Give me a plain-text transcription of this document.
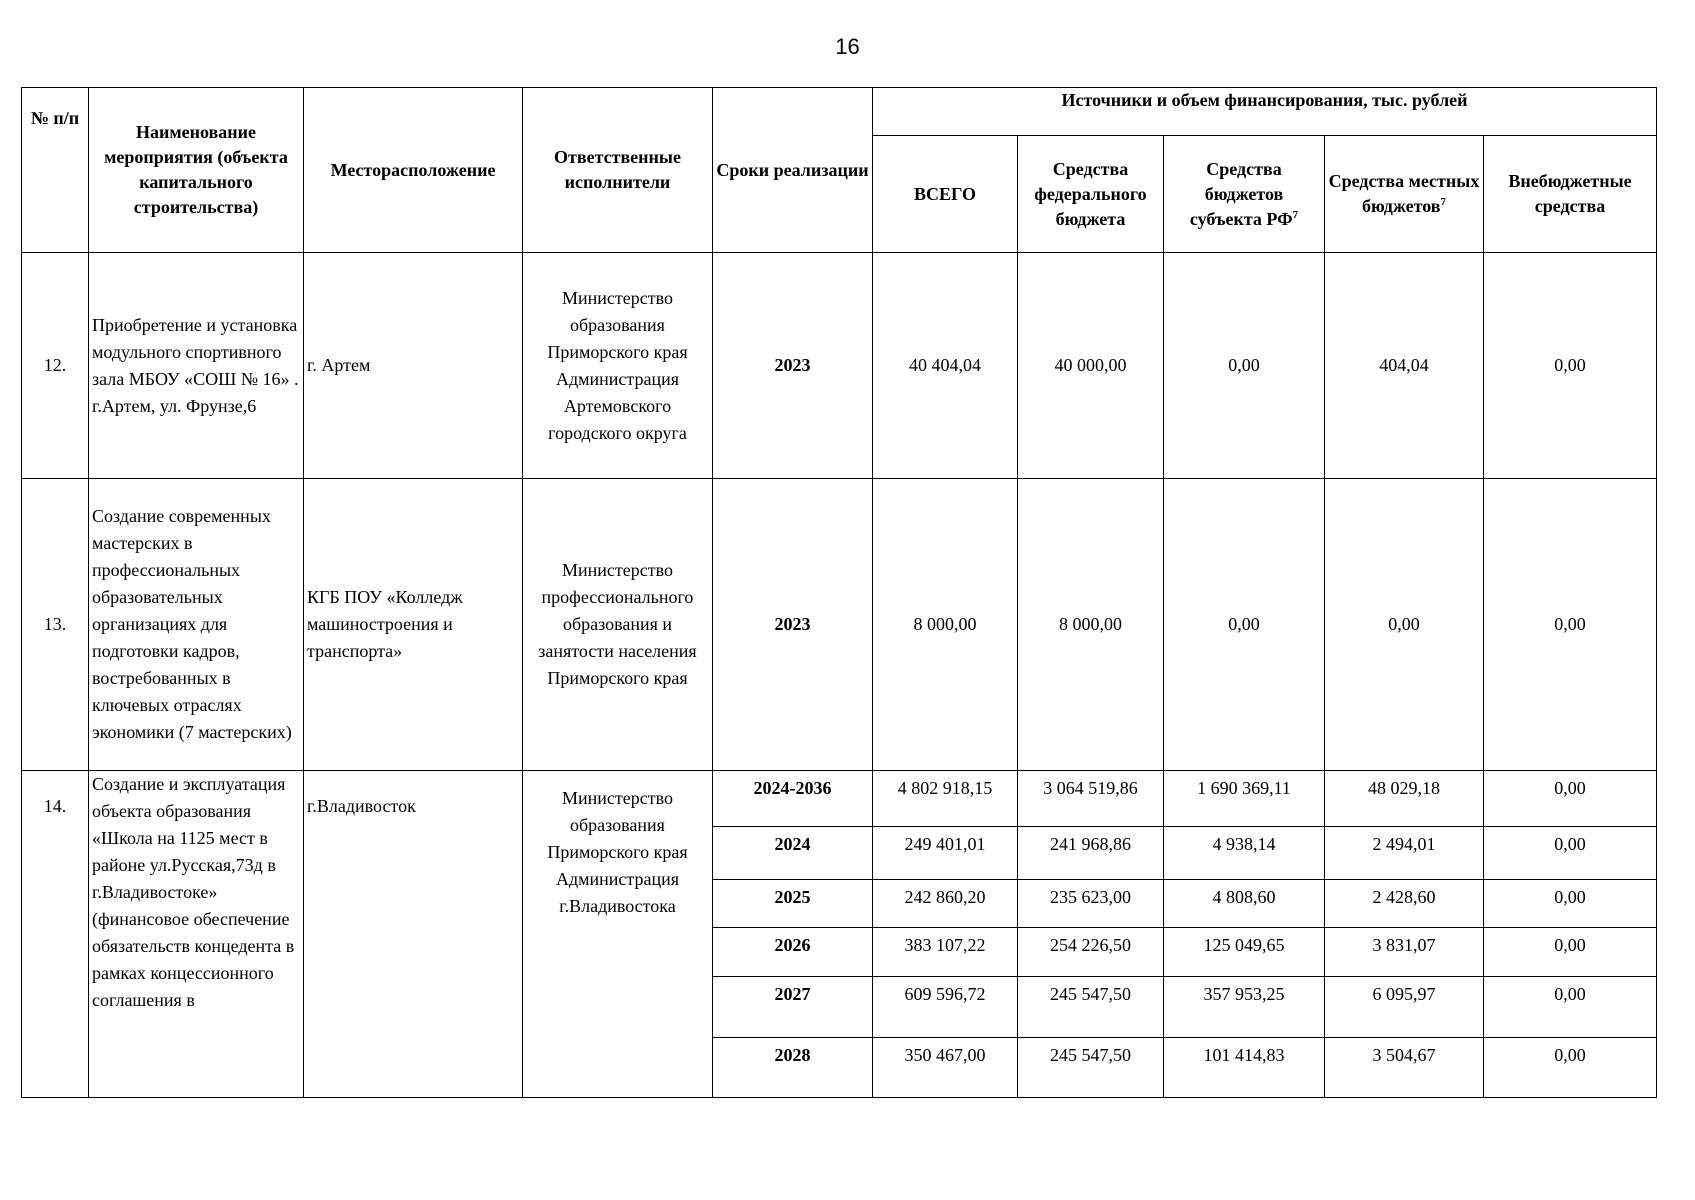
16
№ п/п	Наименование мероприятия (объекта капитального строительства)	Месторасположение	Ответственные исполнители	Сроки реализации	Источники и объем финансирования, тыс. рублей				
					ВСЕГО	Средства федерального бюджета	Средства бюджетов субъекта $РФ^7$	Средства местных бюджетов$^7$	Внебюджетные средства
12.	Приобретение и установка модульного спортивного зала МБОУ «СОШ № 16» . г.Артем, ул. Фрунзе,6	г. Артем	Министерство образования Приморского края Администрация Артемовского городского округа	2023	40 404,04	40 000,00	0,00	404,04	0,00
13.	Создание современных мастерских в профессиональных образовательных организациях для подготовки кадров, востребованных в ключевых отраслях экономики (7 мастерских)	КГБ ПОУ «Колледж машиностроения и транспорта»	Министерство профессионального образования и занятости населения Приморского края	2023	8 000,00	8 000,00	0,00	0,00	0,00
14.	Создание и эксплуатация объекта образования «Школа на 1125 мест в районе ул.Русская,73д в г.Владивостоке» (финансовое обеспечение обязательств концедента в рамках концессионного соглашения в	г.Владивосток	Министерство образования Приморского края Администрация г.Владивостока	2024-2036	4 802 918,15	3 064 519,86	1 690 369,11	48 029,18	0,00
				2024	249 401,01	241 968,86	4 938,14	2 494,01	0,00
				2025	242 860,20	235 623,00	4 808,60	2 428,60	0,00
				2026	383 107,22	254 226,50	125 049,65	3 831,07	0,00
				2027	609 596,72	245 547,50	357 953,25	6 095,97	0,00
				2028	350 467,00	245 547,50	101 414,83	3 504,67	0,00
